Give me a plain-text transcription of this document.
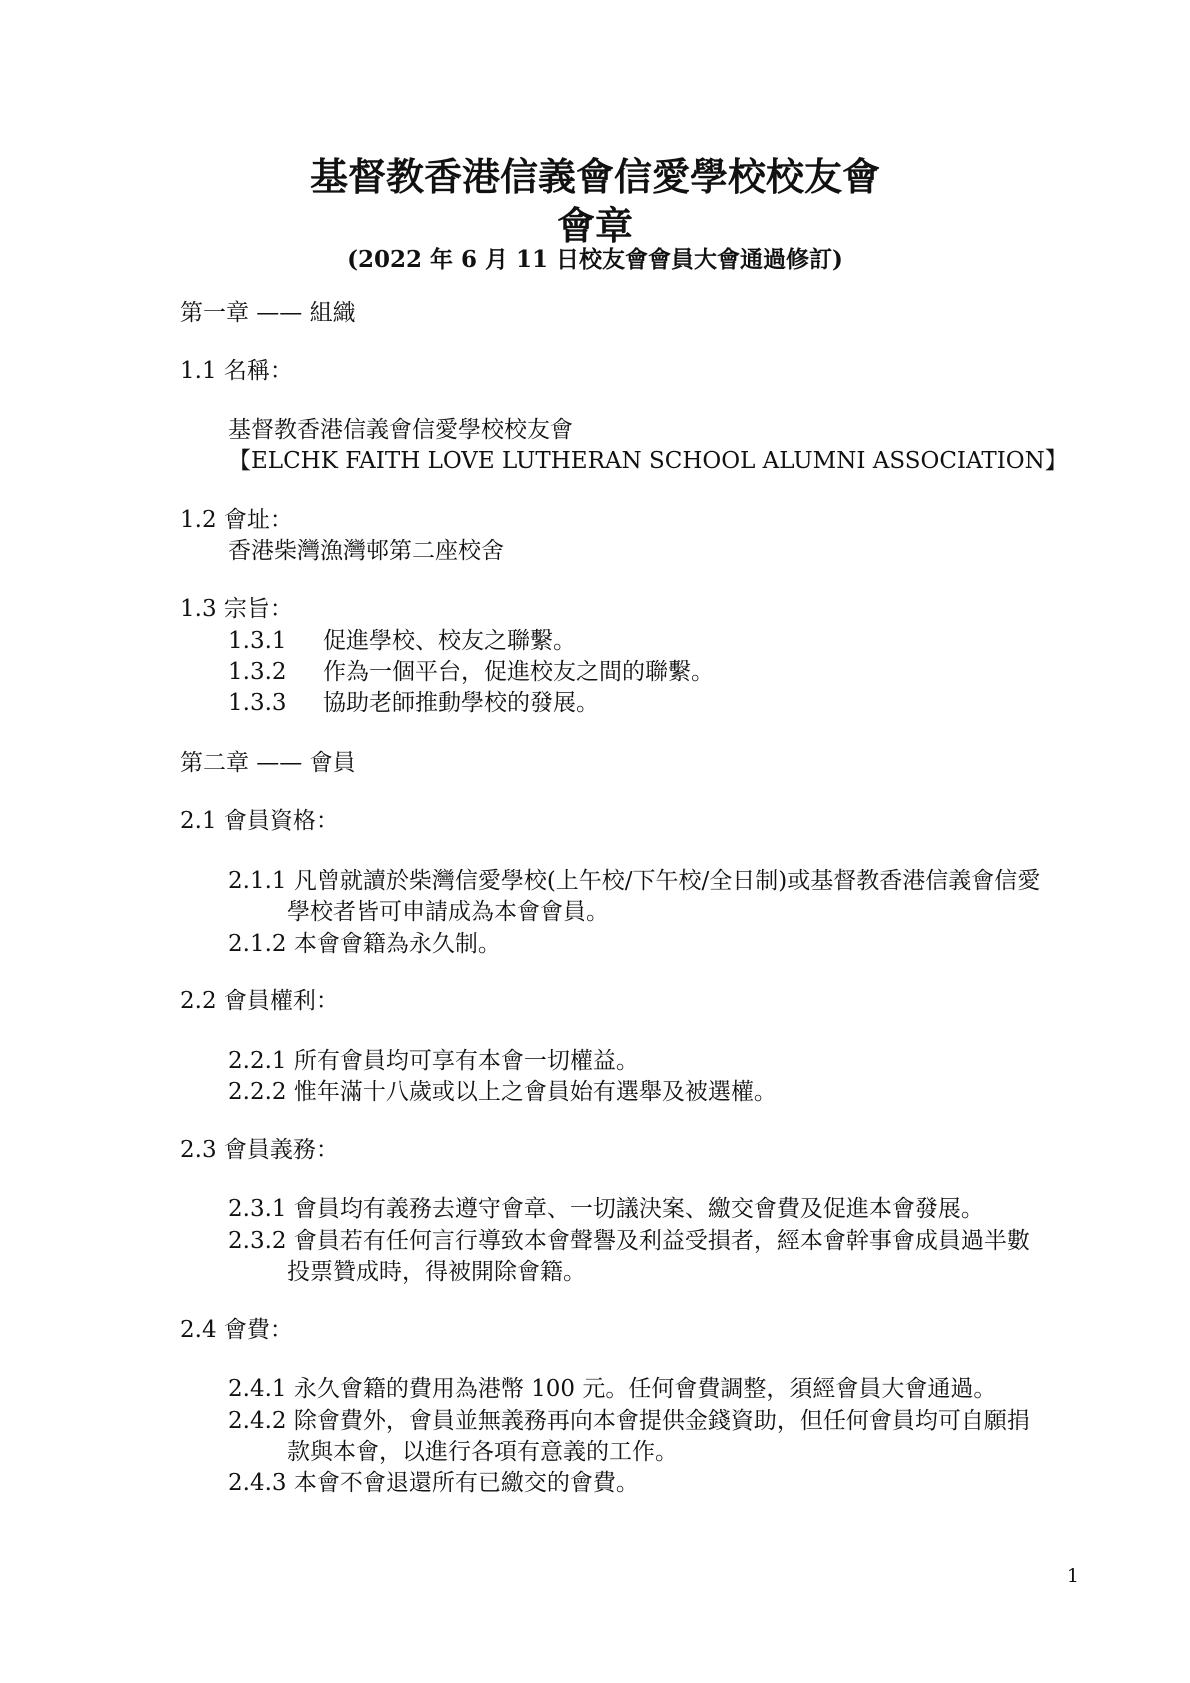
基督教香港信義會信愛學校校友會
會章
(2022 年 6 月 11 日校友會會員大會通過修訂)
第一章 —— 組織
1.1 名稱：
基督教香港信義會信愛學校校友會
【ELCHK FAITH LOVE LUTHERAN SCHOOL ALUMNI ASSOCIATION】
1.2 會址：
香港柴灣漁灣邨第二座校舍
1.3 宗旨：
1.3.1 促進學校、校友之聯繫。
1.3.2 作為一個平台，促進校友之間的聯繫。
1.3.3 協助老師推動學校的發展。
第二章 —— 會員
2.1 會員資格：
2.1.1 凡曾就讀於柴灣信愛學校(上午校/下午校/全日制)或基督教香港信義會信愛
學校者皆可申請成為本會會員。
2.1.2 本會會籍為永久制。
2.2 會員權利：
2.2.1 所有會員均可享有本會一切權益。
2.2.2 惟年滿十八歲或以上之會員始有選舉及被選權。
2.3 會員義務：
2.3.1 會員均有義務去遵守會章、一切議決案、繳交會費及促進本會發展。
2.3.2 會員若有任何言行導致本會聲譽及利益受損者，經本會幹事會成員過半數
投票贊成時，得被開除會籍。
2.4 會費：
2.4.1 永久會籍的費用為港幣 100 元。任何會費調整，須經會員大會通過。
2.4.2 除會費外，會員並無義務再向本會提供金錢資助，但任何會員均可自願捐
款與本會，以進行各項有意義的工作。
2.4.3 本會不會退還所有已繳交的會費。
1
